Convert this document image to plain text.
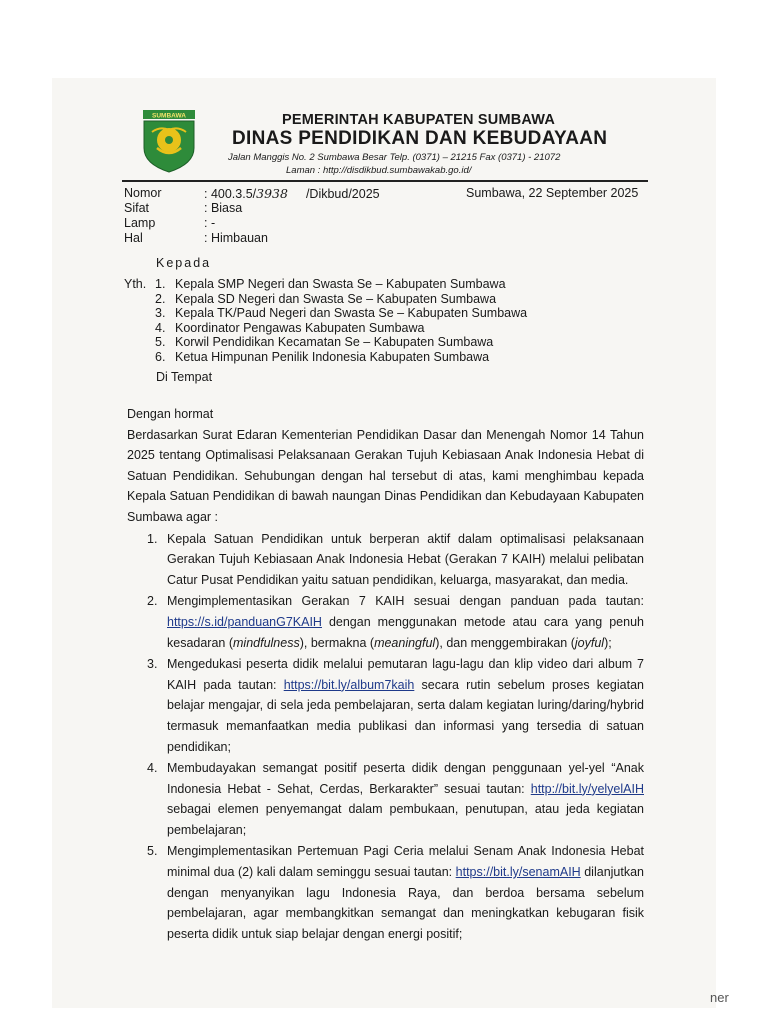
SUMBAWA	PEMERINTAH KABUPATEN SUMBAWA
DINAS PENDIDIKAN DAN KEBUDAYAAN
Jalan Manggis No. 2 Sumbawa Besar Telp. (0371) – 21215 Fax (0371) - 21072
Laman : http://disdikbud.sumbawakab.go.id/
Nomor	: 400.3.5/3938 /Dikbud/2025
Sifat	: Biasa
Lamp	: -
Hal	: Himbauan
Sumbawa, 22 September 2025
Kepada
Yth. 1. Kepala SMP Negeri dan Swasta Se – Kabupaten Sumbawa
2. Kepala SD Negeri dan Swasta Se – Kabupaten Sumbawa
3. Kepala TK/Paud Negeri dan Swasta Se – Kabupaten Sumbawa
4. Koordinator Pengawas Kabupaten Sumbawa
5. Korwil Pendidikan Kecamatan Se – Kabupaten Sumbawa
6. Ketua Himpunan Penilik Indonesia Kabupaten Sumbawa
Di Tempat

Dengan hormat

Berdasarkan Surat Edaran Kementerian Pendidikan Dasar dan Menengah Nomor 14 Tahun 2025 tentang Optimalisasi Pelaksanaan Gerakan Tujuh Kebiasaan Anak Indonesia Hebat di Satuan Pendidikan. Sehubungan dengan hal tersebut di atas, kami menghimbau kepada Kepala Satuan Pendidikan di bawah naungan Dinas Pendidikan dan Kebudayaan Kabupaten Sumbawa agar :

1. Kepala Satuan Pendidikan untuk berperan aktif dalam optimalisasi pelaksanaan Gerakan Tujuh Kebiasaan Anak Indonesia Hebat (Gerakan 7 KAIH) melalui pelibatan Catur Pusat Pendidikan yaitu satuan pendidikan, keluarga, masyarakat, dan media.
2. Mengimplementasikan Gerakan 7 KAIH sesuai dengan panduan pada tautan: https://s.id/panduanG7KAIH dengan menggunakan metode atau cara yang penuh kesadaran (mindfulness), bermakna (meaningful), dan menggembirakan (joyful);
3. Mengedukasi peserta didik melalui pemutaran lagu-lagu dan klip video dari album 7 KAIH pada tautan: https://bit.ly/album7kaih secara rutin sebelum proses kegiatan belajar mengajar, di sela jeda pembelajaran, serta dalam kegiatan luring/daring/hybrid termasuk memanfaatkan media publikasi dan informasi yang tersedia di satuan pendidikan;
4. Membudayakan semangat positif peserta didik dengan penggunaan yel-yel “Anak Indonesia Hebat - Sehat, Cerdas, Berkarakter” sesuai tautan: http://bit.ly/yelyelAIH sebagai elemen penyemangat dalam pembukaan, penutupan, atau jeda kegiatan pembelajaran;
5. Mengimplementasikan Pertemuan Pagi Ceria melalui Senam Anak Indonesia Hebat minimal dua (2) kali dalam seminggu sesuai tautan: https://bit.ly/senamAIH dilanjutkan dengan menyanyikan lagu Indonesia Raya, dan berdoa bersama sebelum pembelajaran, agar membangkitkan semangat dan meningkatkan kebugaran fisik peserta didik untuk siap belajar dengan energi positif;
ner
